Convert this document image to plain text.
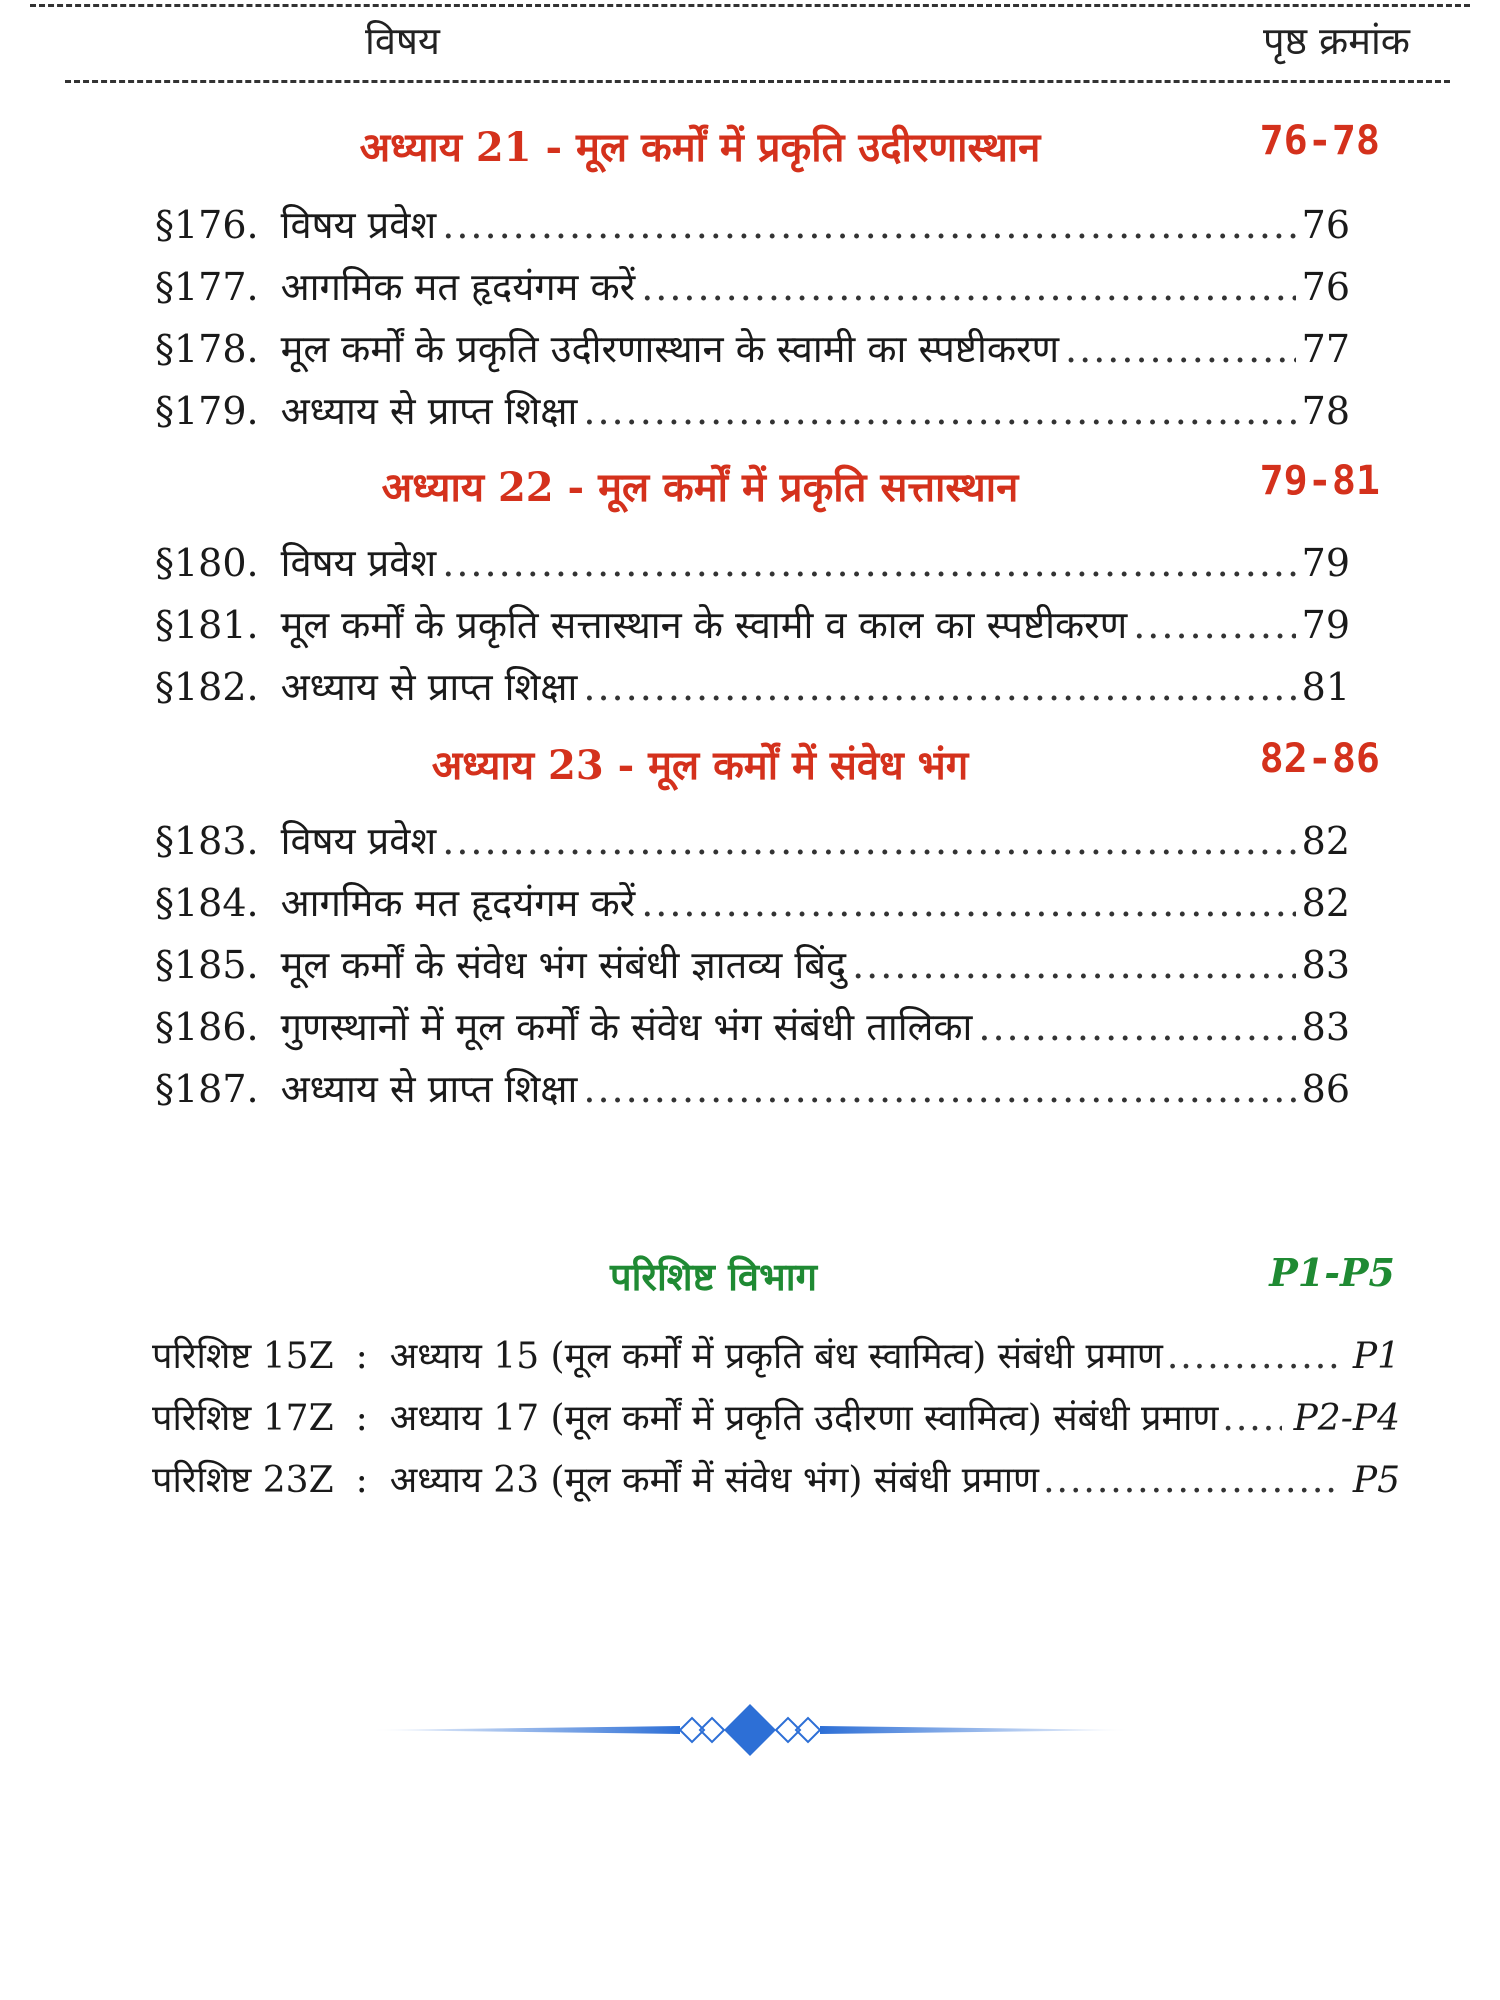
विषय	पृष्ठ क्रमांक
अध्याय 21 - मूल कर्मों में प्रकृति उदीरणास्थान	76-78
§176. विषय प्रवेश .....	76
§177. आगमिक मत हृदयंगम करें .....	76
§178. मूल कर्मों के प्रकृति उदीरणास्थान के स्वामी का स्पष्टीकरण .....	77
§179. अध्याय से प्राप्त शिक्षा .....	78
अध्याय 22 - मूल कर्मों में प्रकृति सत्तास्थान	79-81
§180. विषय प्रवेश .....	79
§181. मूल कर्मों के प्रकृति सत्तास्थान के स्वामी व काल का स्पष्टीकरण .....	79
§182. अध्याय से प्राप्त शिक्षा .....	81
अध्याय 23 - मूल कर्मों में संवेध भंग	82-86
§183. विषय प्रवेश .....	82
§184. आगमिक मत हृदयंगम करें .....	82
§185. मूल कर्मों के संवेध भंग संबंधी ज्ञातव्य बिंदु .....	83
§186. गुणस्थानों में मूल कर्मों के संवेध भंग संबंधी तालिका .....	83
§187. अध्याय से प्राप्त शिक्षा .....	86
परिशिष्ट विभाग	P1-P5
परिशिष्ट 15Z : अध्याय 15 (मूल कर्मों में प्रकृति बंध स्वामित्व) संबंधी प्रमाण .....	P1
परिशिष्ट 17Z : अध्याय 17 (मूल कर्मों में प्रकृति उदीरणा स्वामित्व) संबंधी प्रमाण ..... P2-P4
परिशिष्ट 23Z : अध्याय 23 (मूल कर्मों में संवेध भंग) संबंधी प्रमाण .....	P5
